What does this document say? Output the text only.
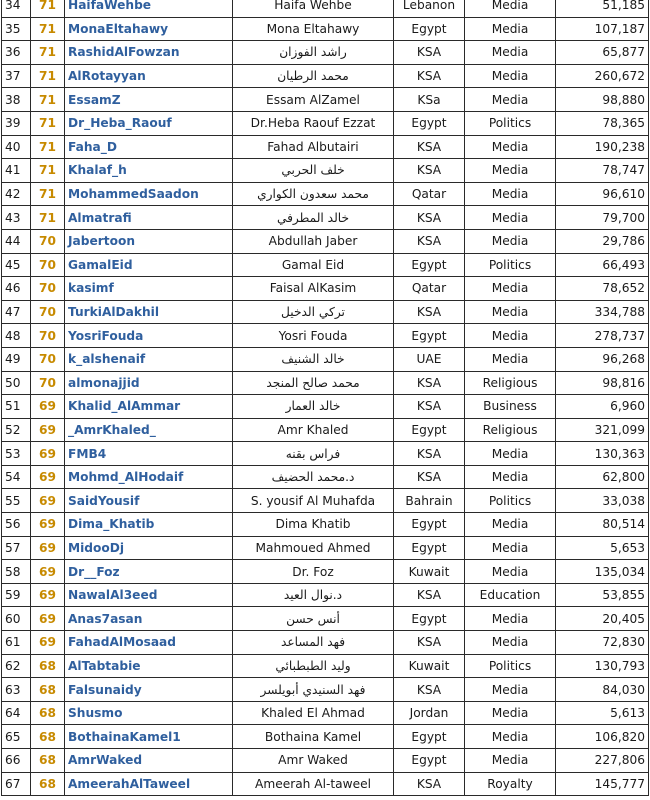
34	71	HaifaWehbe	Haifa Wehbe	Lebanon	Media	51,185
35	71	MonaEltahawy	Mona Eltahawy	Egypt	Media	107,187
36	71	RashidAlFowzan	راشد الفوزان	KSA	Media	65,877
37	71	AlRotayyan	محمد الرطيان	KSA	Media	260,672
38	71	EssamZ	Essam AlZamel	KSa	Media	98,880
39	71	Dr_Heba_Raouf	Dr.Heba Raouf Ezzat	Egypt	Politics	78,365
40	71	Faha_D	Fahad Albutairi	KSA	Media	190,238
41	71	Khalaf_h	خلف الحربي	KSA	Media	78,747
42	71	MohammedSaadon	محمد سعدون الكواري	Qatar	Media	96,610
43	71	Almatrafi	خالد المطرفي	KSA	Media	79,700
44	70	Jabertoon	Abdullah Jaber	KSA	Media	29,786
45	70	GamalEid	Gamal Eid	Egypt	Politics	66,493
46	70	kasimf	Faisal AlKasim	Qatar	Media	78,652
47	70	TurkiAlDakhil	تركي الدخيل	KSA	Media	334,788
48	70	YosriFouda	Yosri Fouda	Egypt	Media	278,737
49	70	k_alshenaif	خالد الشنيف	UAE	Media	96,268
50	70	almonajjid	محمد صالح المنجد	KSA	Religious	98,816
51	69	Khalid_AlAmmar	خالد العمار	KSA	Business	6,960
52	69	_AmrKhaled_	Amr Khaled	Egypt	Religious	321,099
53	69	FMB4	فراس بقنه	KSA	Media	130,363
54	69	Mohmd_AlHodaif	د.محمد الحضيف	KSA	Media	62,800
55	69	SaidYousif	S. yousif Al Muhafda	Bahrain	Politics	33,038
56	69	Dima_Khatib	Dima Khatib	Egypt	Media	80,514
57	69	MidooDj	Mahmoued Ahmed	Egypt	Media	5,653
58	69	Dr__Foz	Dr. Foz	Kuwait	Media	135,034
59	69	NawalAl3eed	د.نوال العيد	KSA	Education	53,855
60	69	Anas7asan	أنس حسن	Egypt	Media	20,405
61	69	FahadAlMosaad	فهد المساعد	KSA	Media	72,830
62	68	AlTabtabie	وليد الطبطبائي	Kuwait	Politics	130,793
63	68	Falsunaidy	فهد السنيدي أبويلسر	KSA	Media	84,030
64	68	Shusmo	Khaled El Ahmad	Jordan	Media	5,613
65	68	BothainaKamel1	Bothaina Kamel	Egypt	Media	106,820
66	68	AmrWaked	Amr Waked	Egypt	Media	227,806
67	68	AmeerahAlTaweel	Ameerah Al-taweel	KSA	Royalty	145,777
